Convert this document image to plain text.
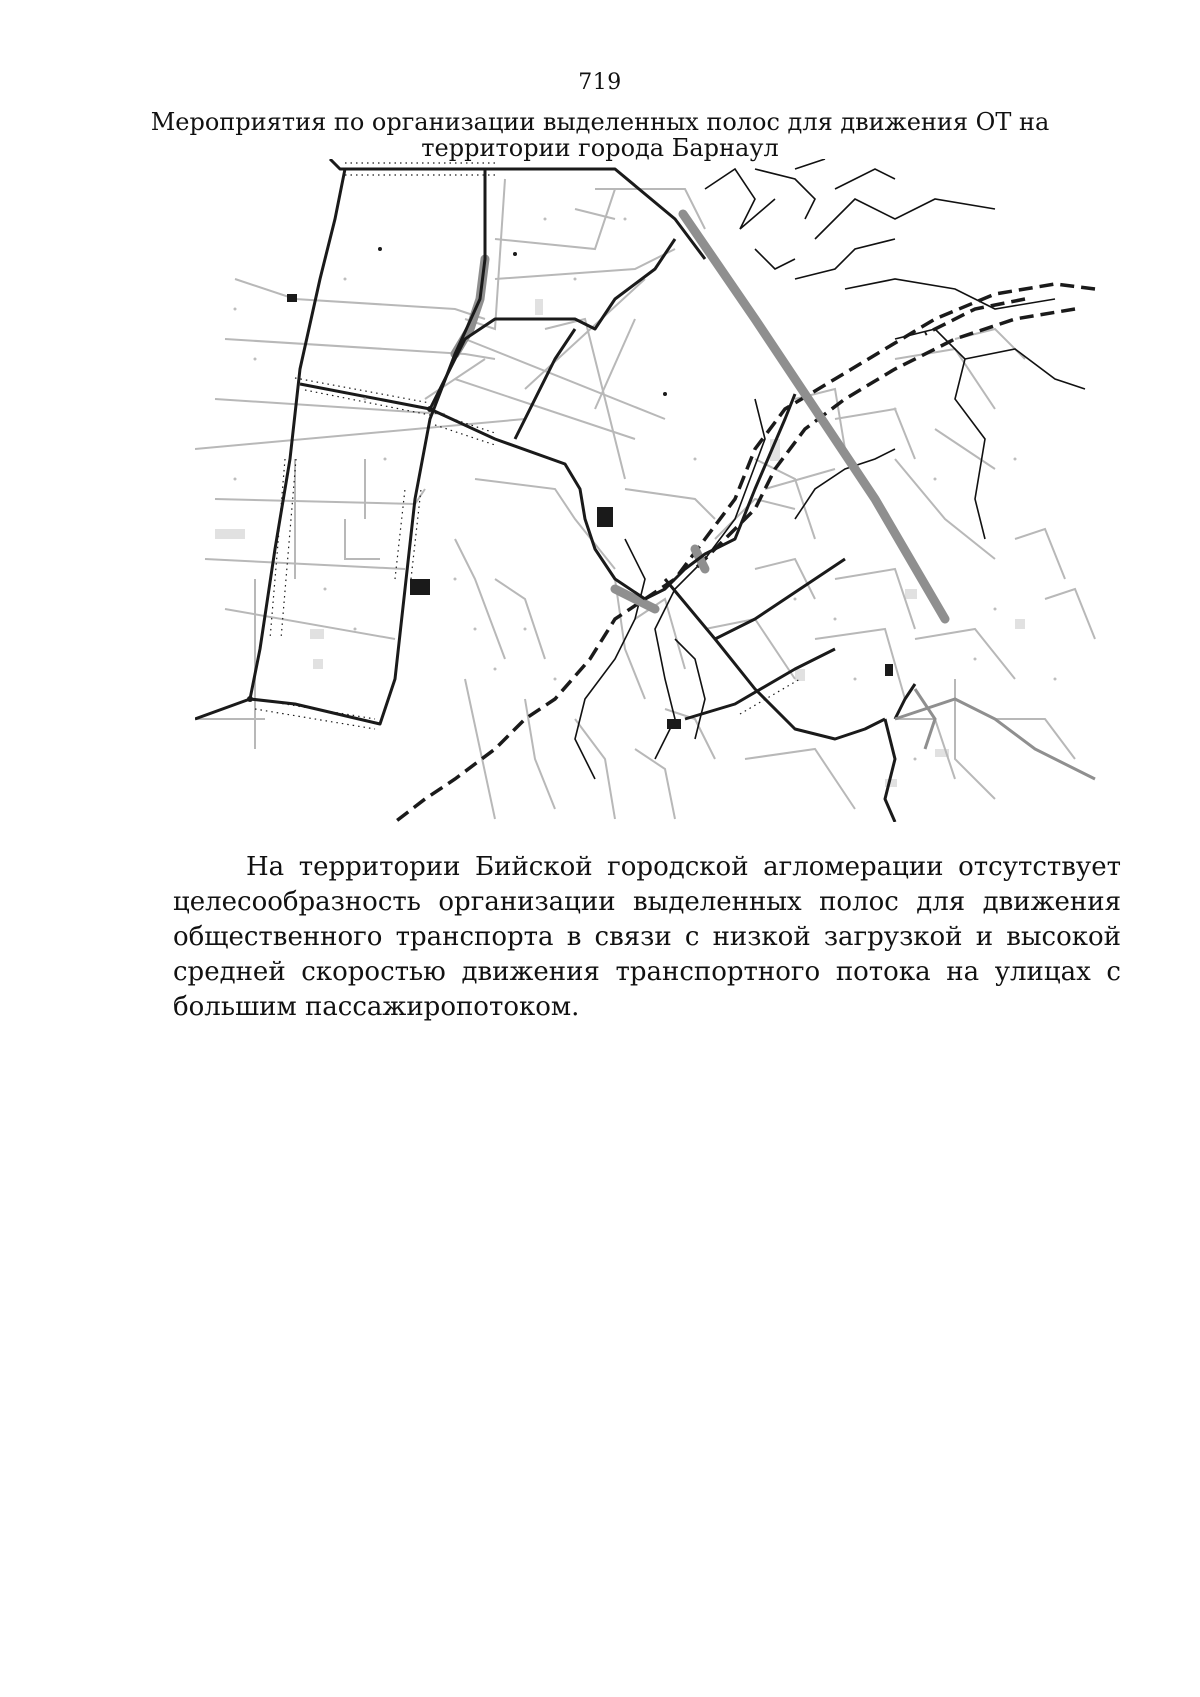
719
Мероприятия по организации выделенных полос для движения ОТ на
территории города Барнаул

На территории Бийской городской агломерации отсутствует целесообразность организации выделенных полос для движения общественного транспорта в связи с низкой загрузкой и высокой средней скоростью движения транспортного потока на улицах с большим пассажиропотоком.
